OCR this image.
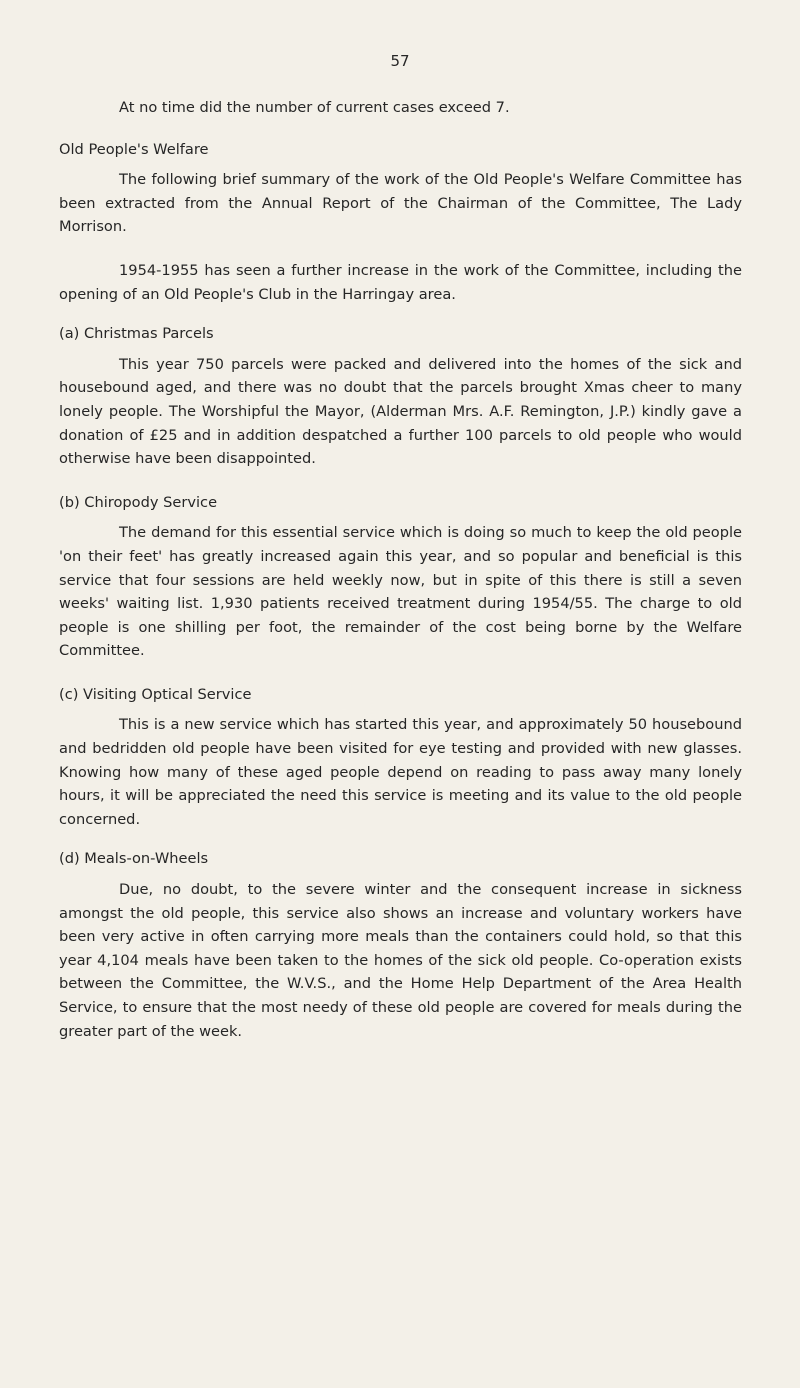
57

At no time did the number of current cases exceed 7.

Old People's Welfare

The following brief summary of the work of the Old People's Welfare Committee has been extracted from the Annual Report of the Chairman of the Committee, The Lady Morrison.

1954-1955 has seen a further increase in the work of the Committee, including the opening of an Old People's Club in the Harringay area.

(a) Christmas Parcels

This year 750 parcels were packed and delivered into the homes of the sick and housebound aged, and there was no doubt that the parcels brought Xmas cheer to many lonely people. The Worshipful the Mayor, (Alderman Mrs. A.F. Remington, J.P.) kindly gave a donation of £25 and in addition despatched a further 100 parcels to old people who would otherwise have been disappointed.

(b) Chiropody Service

The demand for this essential service which is doing so much to keep the old people 'on their feet' has greatly increased again this year, and so popular and beneficial is this service that four sessions are held weekly now, but in spite of this there is still a seven weeks' waiting list. 1,930 patients received treatment during 1954/55. The charge to old people is one shilling per foot, the remainder of the cost being borne by the Welfare Committee.

(c) Visiting Optical Service

This is a new service which has started this year, and approximately 50 housebound and bedridden old people have been visited for eye testing and provided with new glasses. Knowing how many of these aged people depend on reading to pass away many lonely hours, it will be appreciated the need this service is meeting and its value to the old people concerned.

(d) Meals-on-Wheels

Due, no doubt, to the severe winter and the consequent increase in sickness amongst the old people, this service also shows an increase and voluntary workers have been very active in often carrying more meals than the containers could hold, so that this year 4,104 meals have been taken to the homes of the sick old people. Co-operation exists between the Committee, the W.V.S., and the Home Help Department of the Area Health Service, to ensure that the most needy of these old people are covered for meals during the greater part of the week.
